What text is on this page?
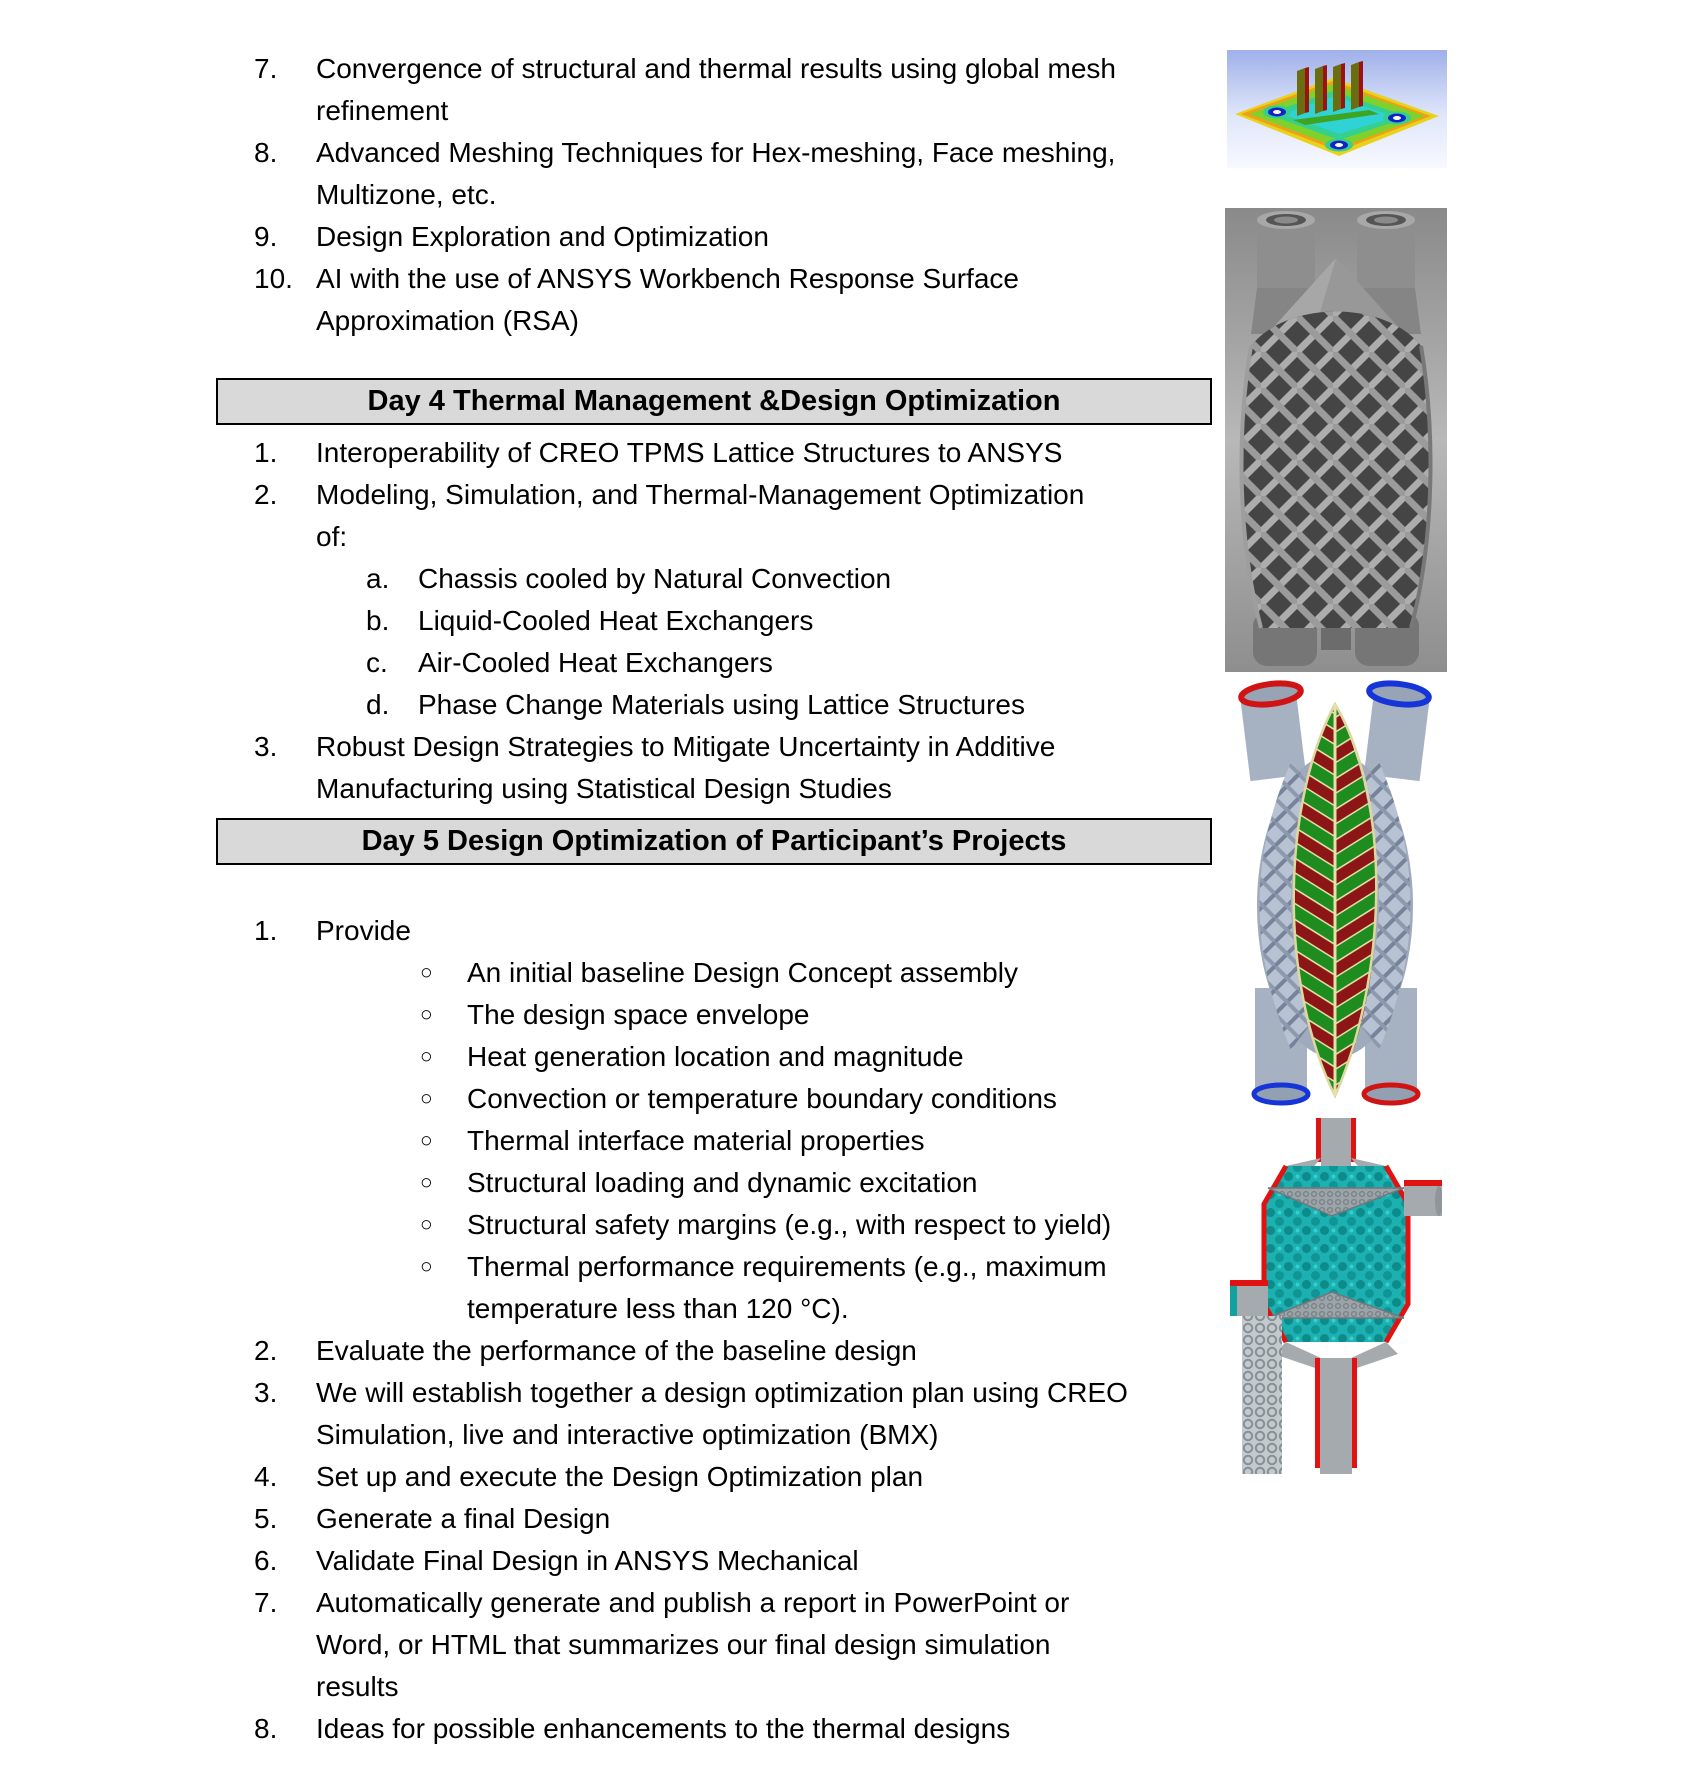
7.	Convergence of structural and thermal results using global mesh
refinement
8.	Advanced Meshing Techniques for Hex-meshing, Face meshing,
Multizone, etc.
9.	Design Exploration and Optimization
10. AI with the use of ANSYS Workbench Response Surface
Approximation (RSA)
Day 4 Thermal Management &Design Optimization
1.	Interoperability of CREO TPMS Lattice Structures to ANSYS
2.	Modeling, Simulation, and Thermal-Management Optimization
of:
a.	Chassis cooled by Natural Convection
b.	Liquid-Cooled Heat Exchangers
c.	Air-Cooled Heat Exchangers
d.	Phase Change Materials using Lattice Structures
3.	Robust Design Strategies to Mitigate Uncertainty in Additive
Manufacturing using Statistical Design Studies
Day 5 Design Optimization of Participant’s Projects
1.	Provide
○	An initial baseline Design Concept assembly
○	The design space envelope
○	Heat generation location and magnitude
○	Convection or temperature boundary conditions
○	Thermal interface material properties
○	Structural loading and dynamic excitation
○	Structural safety margins (e.g., with respect to yield)
○	Thermal performance requirements (e.g., maximum
temperature less than 120 °C).
2.	Evaluate the performance of the baseline design
3.	We will establish together a design optimization plan using CREO
Simulation, live and interactive optimization (BMX)
4.	Set up and execute the Design Optimization plan
5.	Generate a final Design
6.	Validate Final Design in ANSYS Mechanical
7.	Automatically generate and publish a report in PowerPoint or
Word, or HTML that summarizes our final design simulation
results
8.	Ideas for possible enhancements to the thermal designs
